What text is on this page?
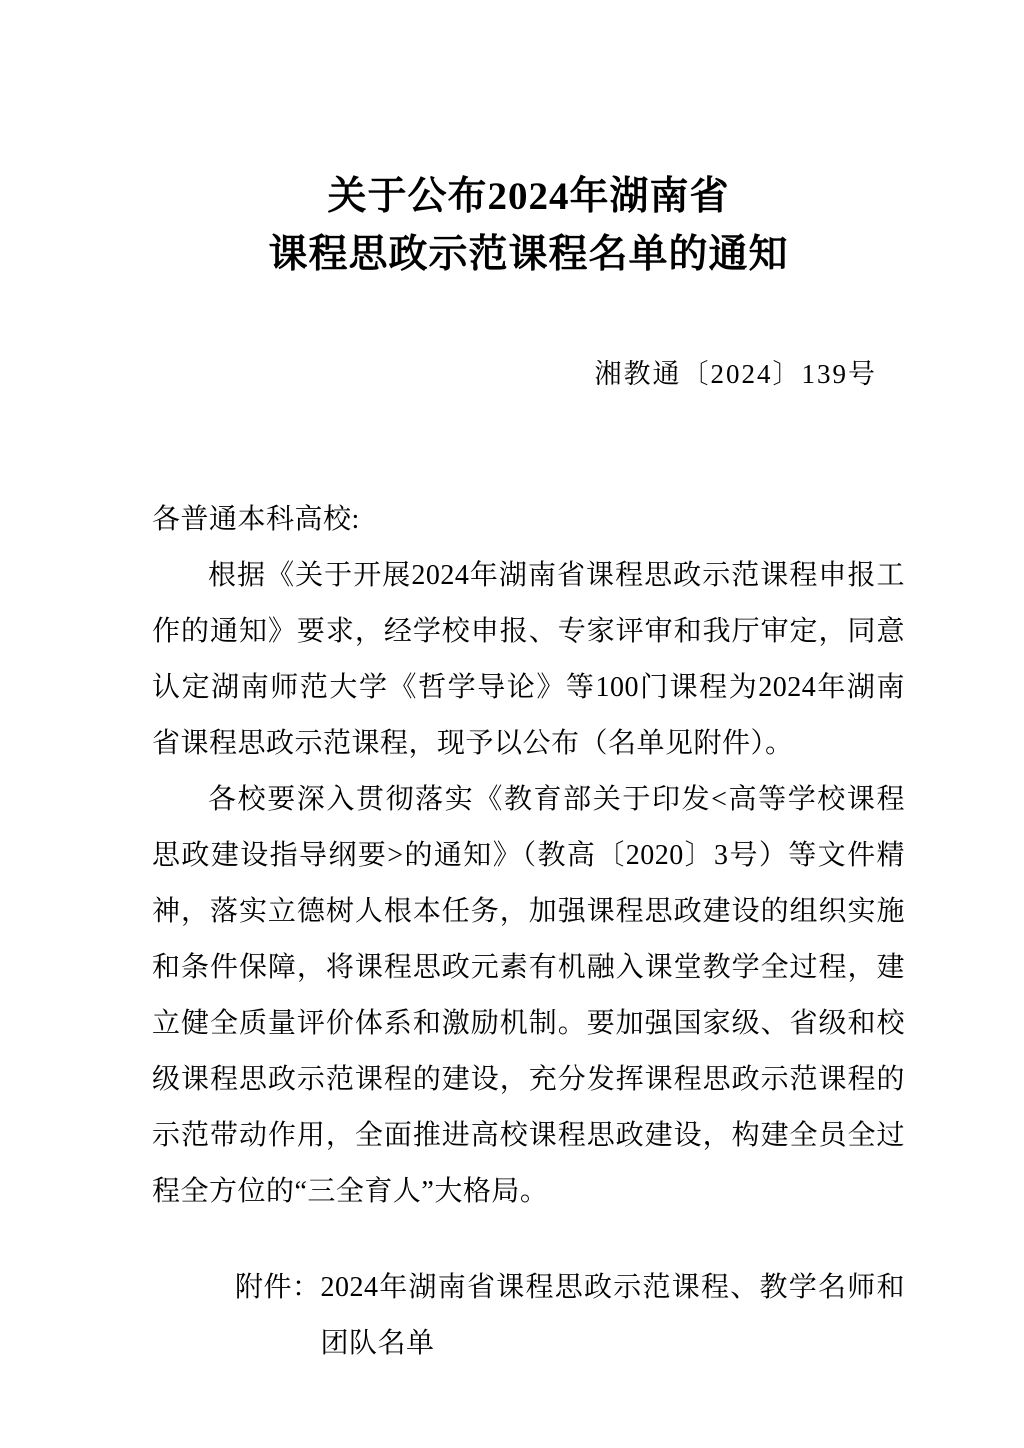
关于公布2024年湖南省
课程思政示范课程名单的通知
湘教通〔2024〕139号
各普通本科高校:

根据《关于开展2024年湖南省课程思政示范课程申报工作的通知》要求，经学校申报、专家评审和我厅审定，同意认定湖南师范大学《哲学导论》等100门课程为2024年湖南省课程思政示范课程，现予以公布（名单见附件）。

各校要深入贯彻落实《教育部关于印发<高等学校课程思政建设指导纲要>的通知》（教高〔2020〕3号）等文件精神，落实立德树人根本任务，加强课程思政建设的组织实施和条件保障，将课程思政元素有机融入课堂教学全过程，建立健全质量评价体系和激励机制。要加强国家级、省级和校级课程思政示范课程的建设，充分发挥课程思政示范课程的示范带动作用，全面推进高校课程思政建设，构建全员全过程全方位的“三全育人”大格局。

附件： 2024年湖南省课程思政示范课程、教学名师和团队名单
